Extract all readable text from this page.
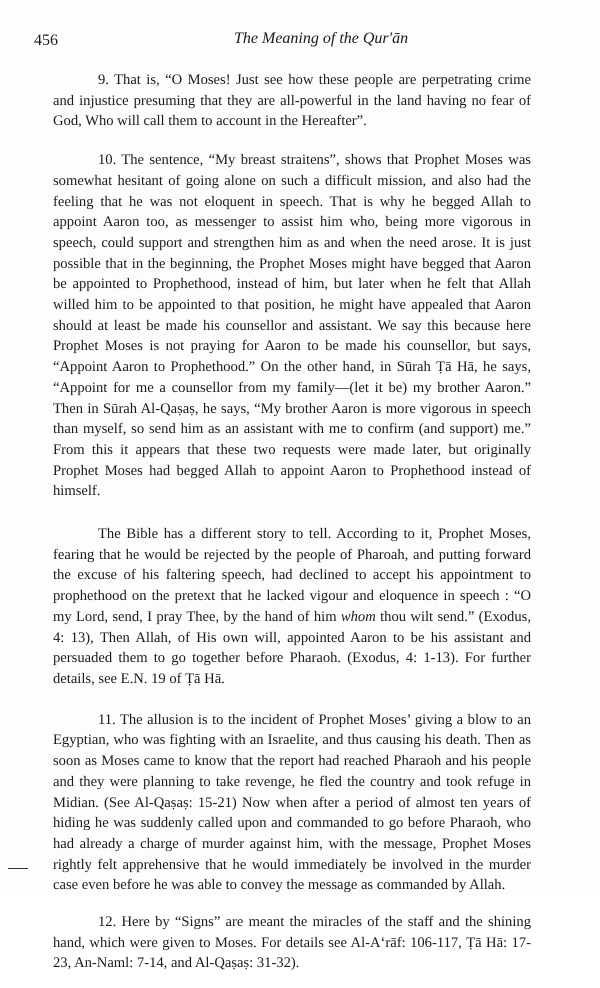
456	The Meaning of the Qur'ān

9. That is, “O Moses! Just see how these people are perpetrating crime and injustice presuming that they are all-powerful in the land having no fear of God, Who will call them to account in the Hereafter”.

10. The sentence, “My breast straitens”, shows that Prophet Moses was somewhat hesitant of going alone on such a difficult mission, and also had the feeling that he was not eloquent in speech. That is why he begged Allah to appoint Aaron too, as messenger to assist him who, being more vigorous in speech, could support and strengthen him as and when the need arose. It is just possible that in the beginning, the Prophet Moses might have begged that Aaron be appointed to Prophethood, instead of him, but later when he felt that Allah willed him to be appointed to that position, he might have appealed that Aaron should at least be made his counsellor and assistant. We say this because here Prophet Moses is not praying for Aaron to be made his counsellor, but says, “Appoint Aaron to Prophethood.” On the other hand, in Sūrah Ṭā Hā, he says, “Appoint for me a counsellor from my family—(let it be) my brother Aaron.” Then in Sūrah Al-Qaṣaṣ, he says, “My brother Aaron is more vigorous in speech than myself, so send him as an assistant with me to confirm (and support) me.” From this it appears that these two requests were made later, but originally Prophet Moses had begged Allah to appoint Aaron to Prophethood instead of himself.

The Bible has a different story to tell. According to it, Prophet Moses, fearing that he would be rejected by the people of Pharoah, and putting forward the excuse of his faltering speech, had declined to accept his appointment to prophethood on the pretext that he lacked vigour and eloquence in speech : “O my Lord, send, I pray Thee, by the hand of him whom thou wilt send.” (Exodus, 4: 13), Then Allah, of His own will, appointed Aaron to be his assistant and persuaded them to go together before Pharaoh. (Exodus, 4: 1-13). For further details, see E.N. 19 of Ṭā Hā.

11. The allusion is to the incident of Prophet Moses’ giving a blow to an Egyptian, who was fighting with an Israelite, and thus causing his death. Then as soon as Moses came to know that the report had reached Pharaoh and his people and they were planning to take revenge, he fled the country and took refuge in Midian. (See Al-Qaṣaṣ: 15-21) Now when after a period of almost ten years of hiding he was suddenly called upon and commanded to go before Pharaoh, who had already a charge of murder against him, with the message, Prophet Moses rightly felt apprehensive that he would immediately be involved in the murder case even before he was able to convey the message as commanded by Allah.

12. Here by “Signs” are meant the miracles of the staff and the shining hand, which were given to Moses. For details see Al-A‘rāf: 106-117, Ṭā Hā: 17-23, An-Naml: 7-14, and Al-Qaṣaṣ: 31-32).
